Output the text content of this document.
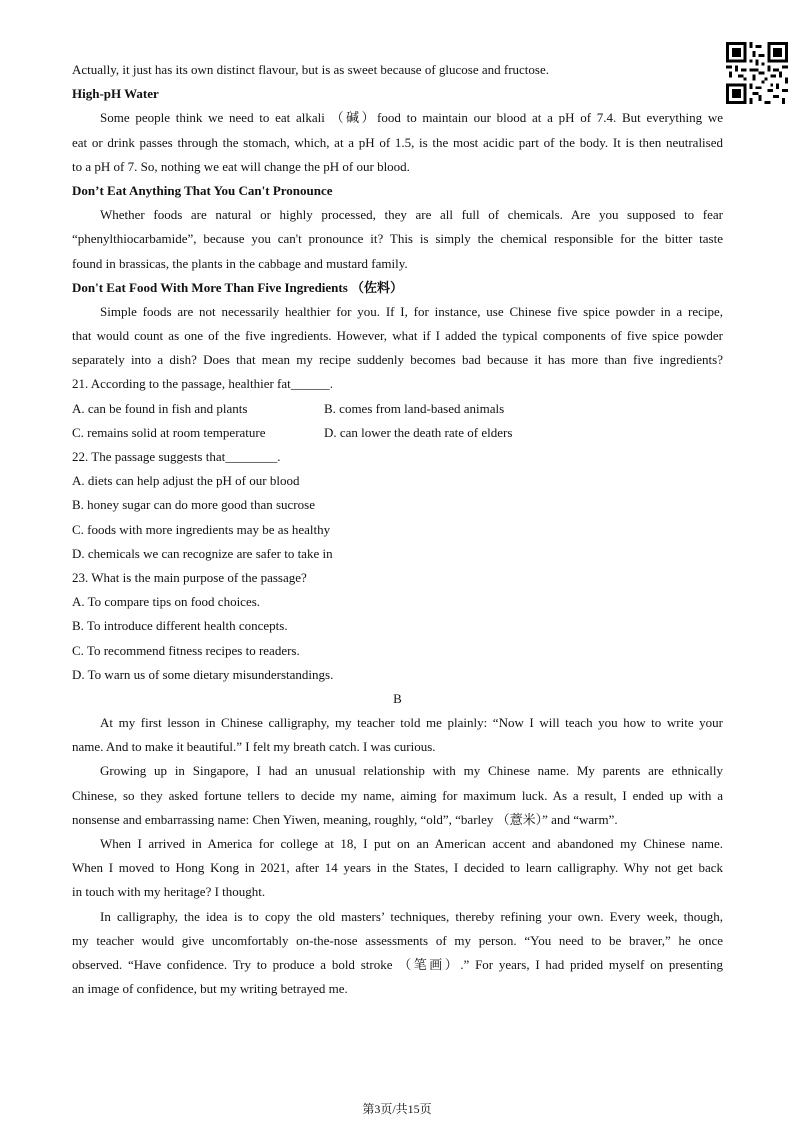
Actually, it just has its own distinct flavour, but is as sweet because of glucose and fructose.
High-pH Water
Some people think we need to eat alkali （碱）food to maintain our blood at a pH of 7.4. But everything we
eat or drink passes through the stomach, which, at a pH of 1.5, is the most acidic part of the body. It is then neutralised
to a pH of 7. So, nothing we eat will change the pH of our blood.
Don’t Eat Anything That You Can't Pronounce
Whether foods are natural or highly processed, they are all full of chemicals. Are you supposed to fear
“phenylthiocarbamide”, because you can't pronounce it? This is simply the chemical responsible for the bitter taste
found in brassicas, the plants in the cabbage and mustard family.
Don't Eat Food With More Than Five Ingredients （佐料）
Simple foods are not necessarily healthier for you. If I, for instance, use Chinese five spice powder in a recipe,
that would count as one of the five ingredients. However, what if I added the typical components of five spice powder
separately into a dish? Does that mean my recipe suddenly becomes bad because it has more than five ingredients?
21. According to the passage, healthier fat______.
A. can be found in fish and plants	B. comes from land-based animals
C. remains solid at room temperature	D. can lower the death rate of elders
22. The passage suggests that________.
A. diets can help adjust the pH of our blood
B. honey sugar can do more good than sucrose
C. foods with more ingredients may be as healthy
D. chemicals we can recognize are safer to take in
23. What is the main purpose of the passage?
A. To compare tips on food choices.
B. To introduce different health concepts.
C. To recommend fitness recipes to readers.
D. To warn us of some dietary misunderstandings.
B
At my first lesson in Chinese calligraphy, my teacher told me plainly: “Now I will teach you how to write your
name. And to make it beautiful.” I felt my breath catch. I was curious.
Growing up in Singapore, I had an unusual relationship with my Chinese name. My parents are ethnically
Chinese, so they asked fortune tellers to decide my name, aiming for maximum luck. As a result, I ended up with a
nonsense and embarrassing name: Chen Yiwen, meaning, roughly, “old”, “barley （薏米）” and “warm”.
When I arrived in America for college at 18, I put on an American accent and abandoned my Chinese name.
When I moved to Hong Kong in 2021, after 14 years in the States, I decided to learn calligraphy. Why not get back
in touch with my heritage? I thought.
In calligraphy, the idea is to copy the old masters’ techniques, thereby refining your own. Every week, though,
my teacher would give uncomfortably on-the-nose assessments of my person. “You need to be braver,” he once
observed. “Have confidence. Try to produce a bold stroke （笔画）.” For years, I had prided myself on presenting
an image of confidence, but my writing betrayed me.
第3页/共15页
